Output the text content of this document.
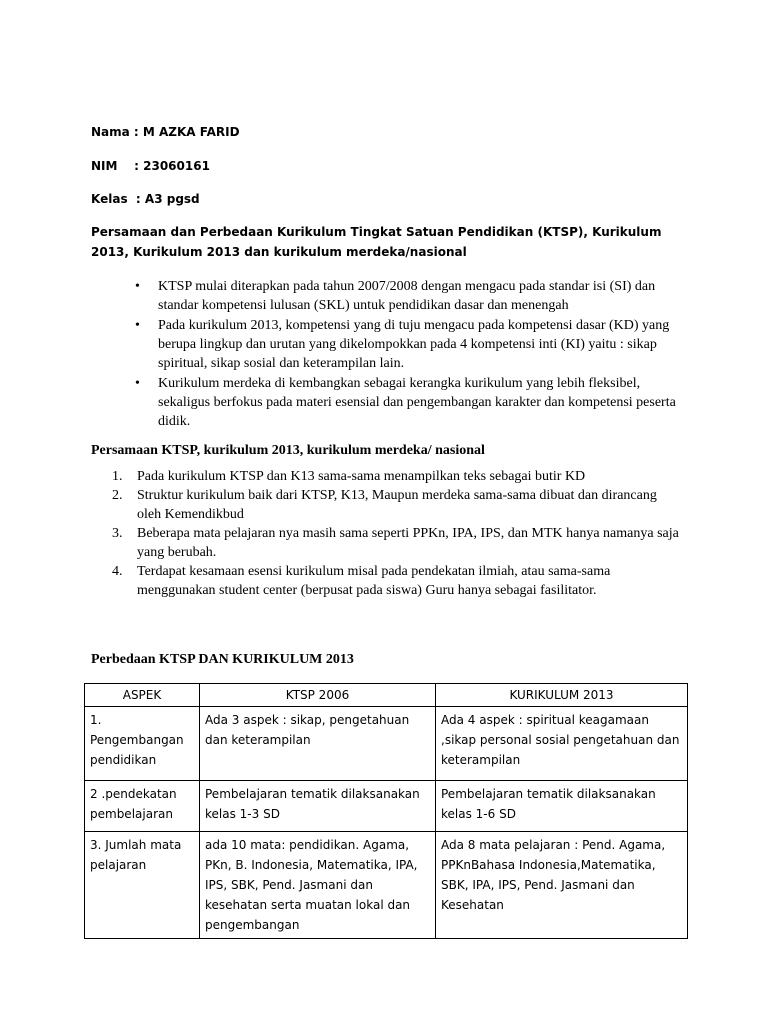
Nama : M AZKA FARID
NIM    : 23060161
Kelas  : A3 pgsd
Persamaan dan Perbedaan Kurikulum Tingkat Satuan Pendidikan (KTSP), Kurikulum 2013, Kurikulum 2013 dan kurikulum merdeka/nasional
• KTSP mulai diterapkan pada tahun 2007/2008 dengan mengacu pada standar isi (SI) dan standar kompetensi lulusan (SKL) untuk pendidikan dasar dan menengah
• Pada kurikulum 2013, kompetensi yang di tuju mengacu pada kompetensi dasar (KD) yang berupa lingkup dan urutan yang dikelompokkan pada 4 kompetensi inti (KI) yaitu : sikap spiritual, sikap sosial dan keterampilan lain.
• Kurikulum merdeka di kembangkan sebagai kerangka kurikulum yang lebih fleksibel, sekaligus berfokus pada materi esensial dan pengembangan karakter dan kompetensi peserta didik.
Persamaan KTSP, kurikulum 2013, kurikulum merdeka/ nasional
1. Pada kurikulum KTSP dan K13 sama-sama menampilkan teks sebagai butir KD
2. Struktur kurikulum baik dari KTSP, K13, Maupun merdeka sama-sama dibuat dan dirancang oleh Kemendikbud
3. Beberapa mata pelajaran nya masih sama seperti PPKn, IPA, IPS, dan MTK hanya namanya saja yang berubah.
4. Terdapat kesamaan esensi kurikulum misal pada pendekatan ilmiah, atau sama-sama menggunakan student center (berpusat pada siswa) Guru hanya sebagai fasilitator.
Perbedaan KTSP DAN KURIKULUM 2013
ASPEK	KTSP 2006	KURIKULUM 2013
1. Pengembangan pendidikan	Ada 3 aspek : sikap, pengetahuan dan keterampilan	Ada 4 aspek : spiritual keagamaan ,sikap personal sosial pengetahuan dan keterampilan
2 .pendekatan pembelajaran	Pembelajaran tematik dilaksanakan kelas 1-3 SD	Pembelajaran tematik dilaksanakan kelas 1-6 SD
3. Jumlah mata pelajaran	ada 10 mata: pendidikan. Agama, PKn, B. Indonesia, Matematika, IPA, IPS, SBK, Pend. Jasmani dan kesehatan serta muatan lokal dan pengembangan	Ada 8 mata pelajaran : Pend. Agama, PPKnBahasa Indonesia,Matematika, SBK, IPA, IPS, Pend. Jasmani dan Kesehatan
